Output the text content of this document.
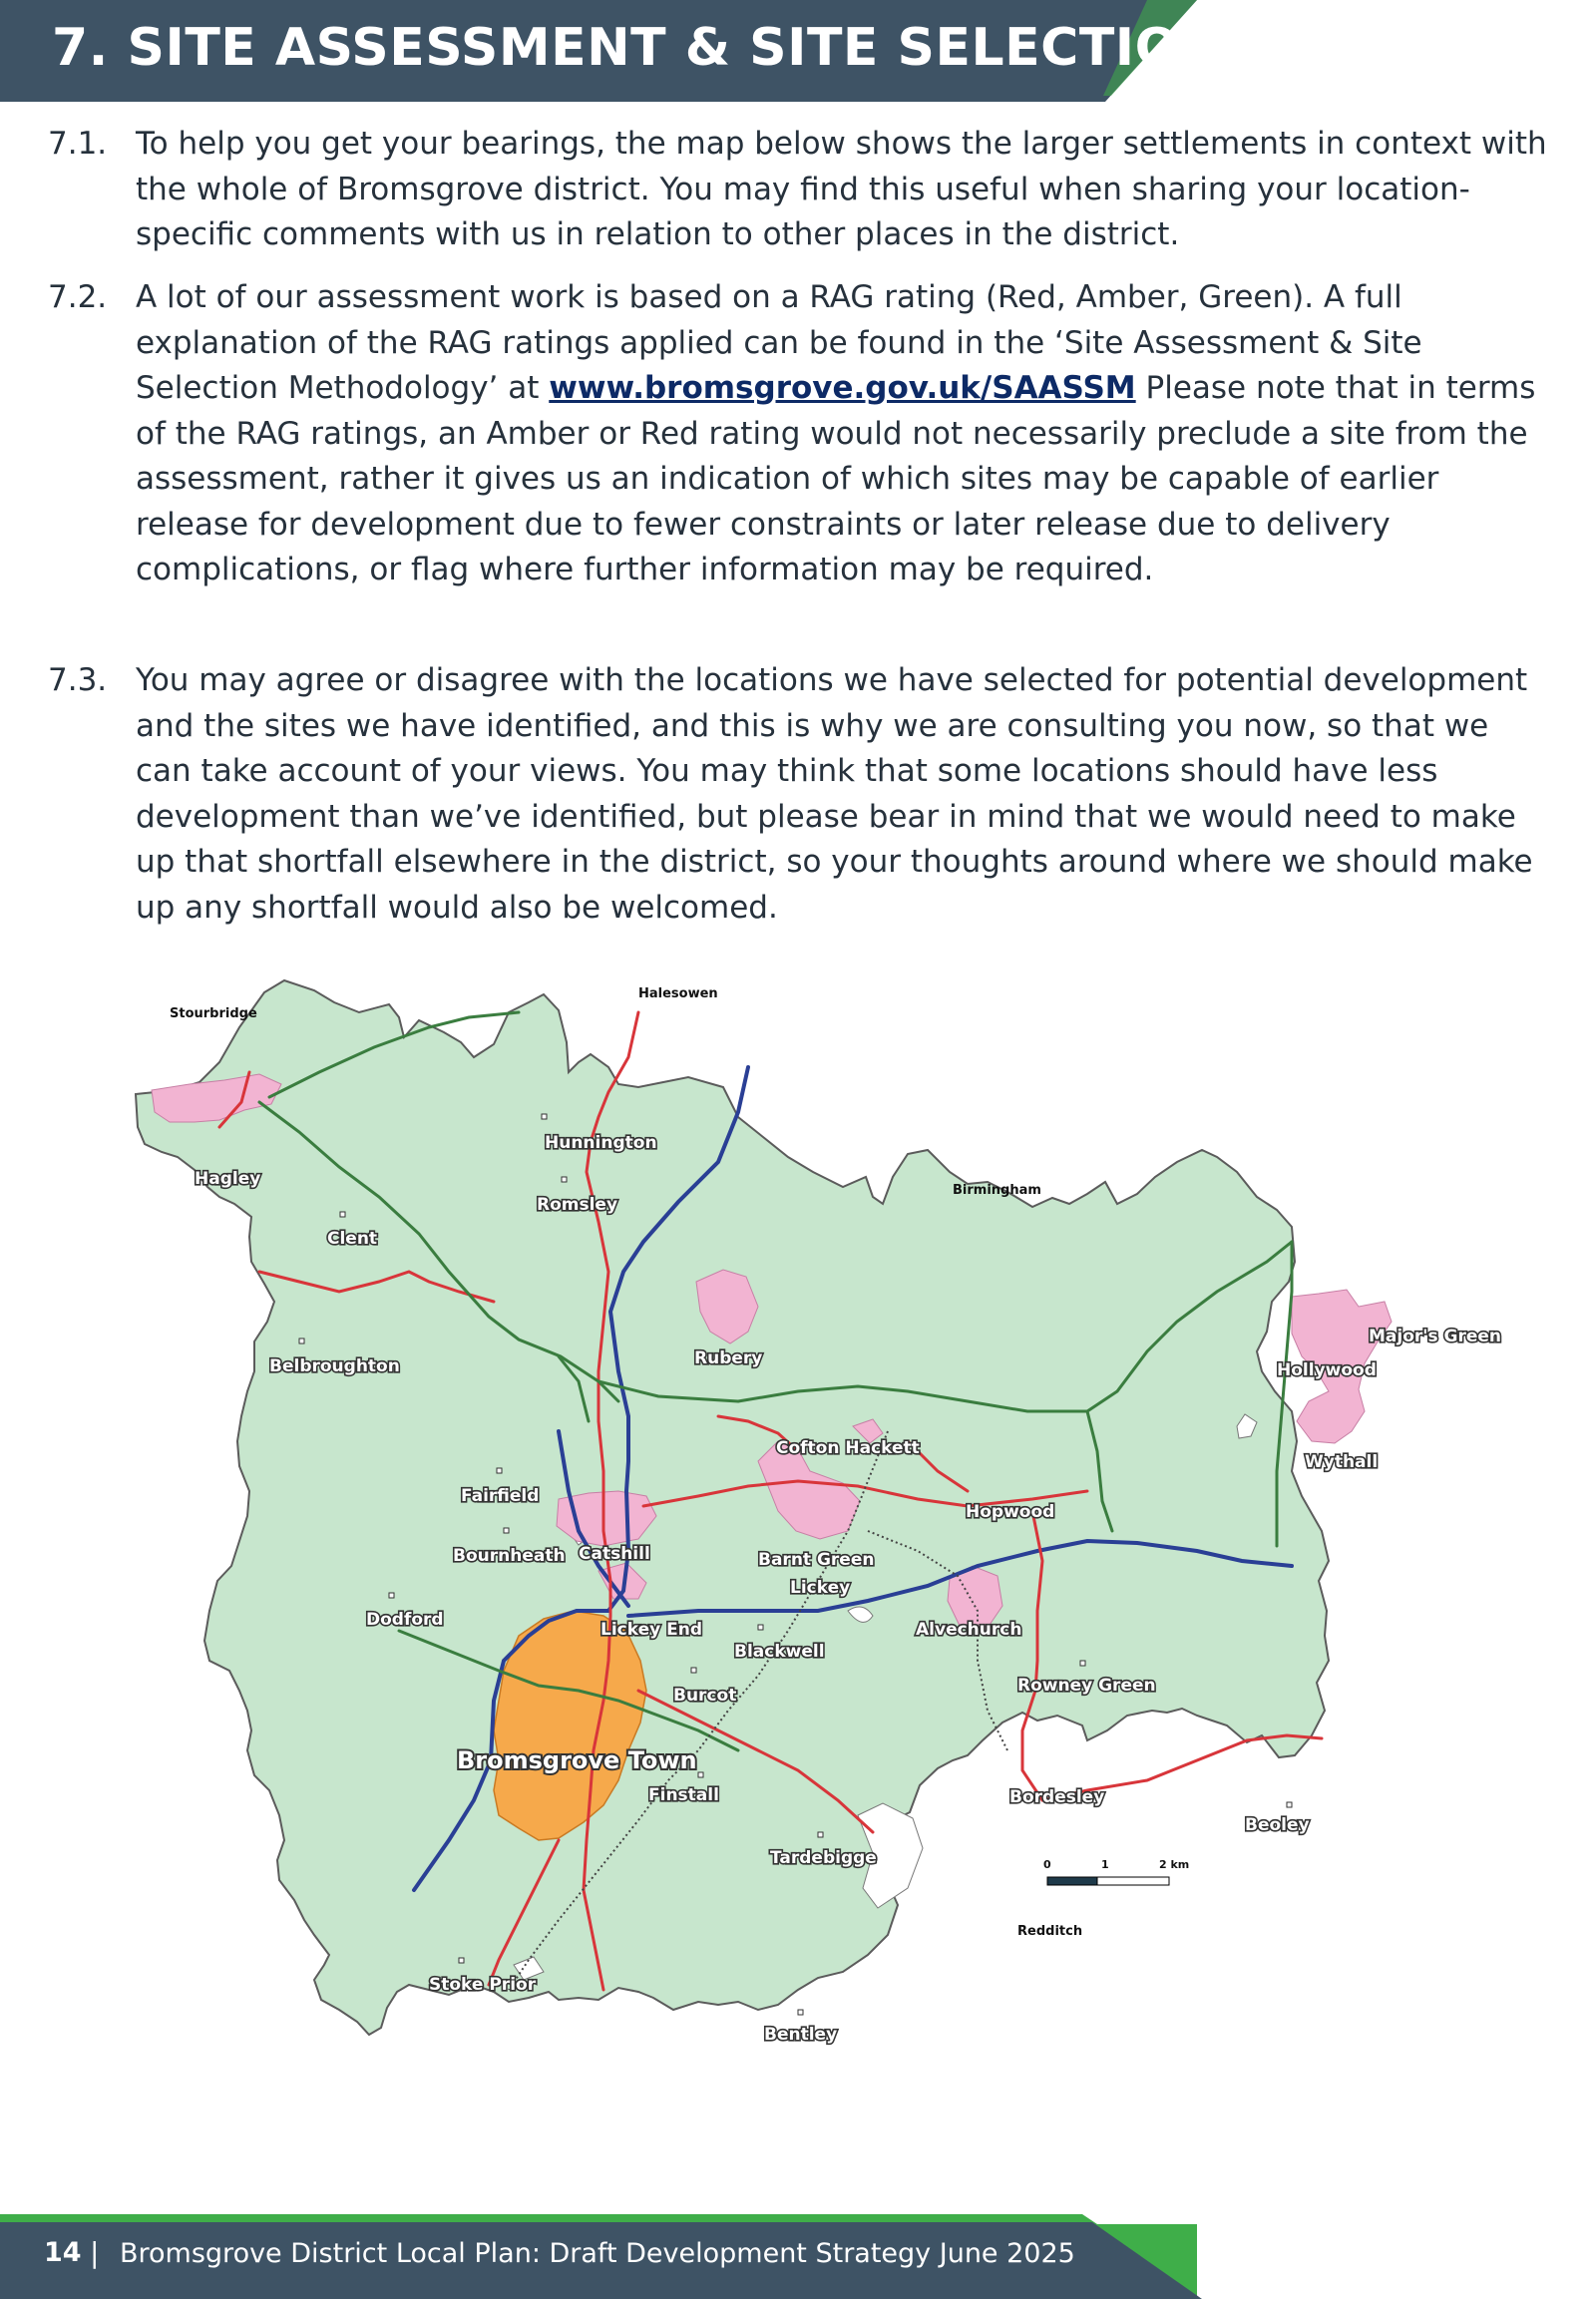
7. SITE ASSESSMENT & SITE SELECTION
7.1. To help you get your bearings, the map below shows the larger settlements in context with the whole of Bromsgrove district. You may find this useful when sharing your location-specific comments with us in relation to other places in the district.
7.2. A lot of our assessment work is based on a RAG rating (Red, Amber, Green). A full explanation of the RAG ratings applied can be found in the ‘Site Assessment & Site Selection Methodology’ at www.bromsgrove.gov.uk/SAASSM Please note that in terms of the RAG ratings, an Amber or Red rating would not necessarily preclude a site from the assessment, rather it gives us an indication of which sites may be capable of earlier release for development due to fewer constraints or later release due to delivery complications, or flag where further information may be required.
7.3. You may agree or disagree with the locations we have selected for potential development and the sites we have identified, and this is why we are consulting you now, so that we can take account of your views. You may think that some locations should have less development than we’ve identified, but please bear in mind that we would need to make up that shortfall elsewhere in the district, so your thoughts around where we should make up any shortfall would also be welcomed.
Stourbridge
Halesowen
Birmingham
Redditch
Hagley
Clent
Hunnington
Romsley
Belbroughton	Rubery
Major's Green
Hollywood
Wythall
Cofton Hackett
Fairfield
Hopwood
Bournheath Catshill	Barnt Green
Lickey
Dodford	Lickey End	Alvechurch
Blackwell
Burcot	Rowney Green
Bromsgrove Town
Finstall	Bordesley
Beoley
Tardebigge
Stoke Prior
Bentley
0	1	2 km
14 | Bromsgrove District Local Plan: Draft Development Strategy June 2025
